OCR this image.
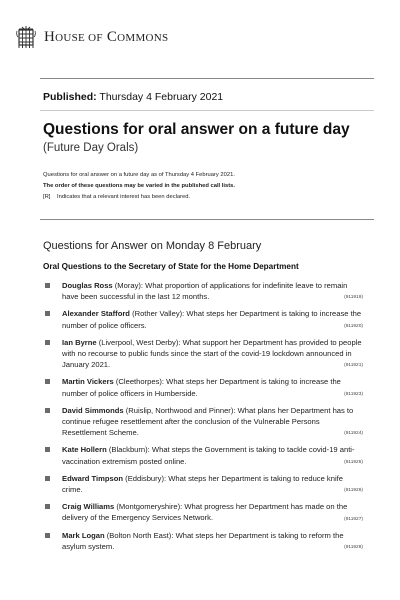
HOUSE OF COMMONS
Published: Thursday 4 February 2021
Questions for oral answer on a future day
(Future Day Orals)
Questions for oral answer on a future day as of Thursday 4 February 2021.
The order of these questions may be varied in the published call lists.
[R] Indicates that a relevant interest has been declared.
Questions for Answer on Monday 8 February
Oral Questions to the Secretary of State for the Home Department
Douglas Ross (Moray): What proportion of applications for indefinite leave to remain have been successful in the last 12 months.	(911919)
Alexander Stafford (Rother Valley): What steps her Department is taking to increase the number of police officers.	(911920)
Ian Byrne (Liverpool, West Derby): What support her Department has provided to people with no recourse to public funds since the start of the covid-19 lockdown announced in January 2021.	(911921)
Martin Vickers (Cleethorpes): What steps her Department is taking to increase the number of police officers in Humberside.	(911923)
David Simmonds (Ruislip, Northwood and Pinner): What plans her Department has to continue refugee resettlement after the conclusion of the Vulnerable Persons Resettlement Scheme.	(911924)
Kate Hollern (Blackburn): What steps the Government is taking to tackle covid-19 anti-vaccination extremism posted online.	(911925)
Edward Timpson (Eddisbury): What steps her Department is taking to reduce knife crime.	(911926)
Craig Williams (Montgomeryshire): What progress her Department has made on the delivery of the Emergency Services Network.	(911927)
Mark Logan (Bolton North East): What steps her Department is taking to reform the asylum system.	(911928)
